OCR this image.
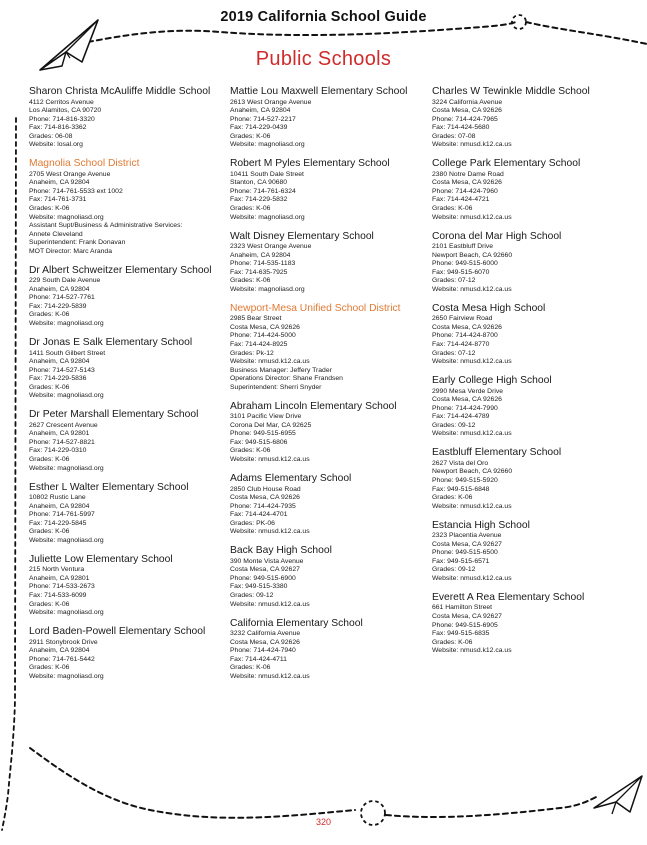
2019 California School Guide
Public Schools
Sharon Christa McAuliffe Middle School
4112 Cerritos Avenue
Los Alamitos, CA 90720
Phone: 714-816-3320
Fax: 714-816-3362
Grades: 06-08
Website: losal.org
Magnolia School District
2705 West Orange Avenue
Anaheim, CA 92804
Phone: 714-761-5533 ext 1002
Fax: 714-761-3731
Grades: K-06
Website: magnoliasd.org
Assistant Supt/Business & Administrative Services:
Annete Cleveland
Superintendent: Frank Donavan
MOT Director: Marc Aranda
Dr Albert Schweitzer Elementary School
229 South Dale Avenue
Anaheim, CA 92804
Phone: 714-527-7761
Fax: 714-229-5839
Grades: K-06
Website: magnoliasd.org
Dr Jonas E Salk Elementary School
1411 South Gilbert Street
Anaheim, CA 92804
Phone: 714-527-5143
Fax: 714-229-5836
Grades: K-06
Website: magnoliasd.org
Dr Peter Marshall Elementary School
2627 Crescent Avenue
Anaheim, CA 92801
Phone: 714-527-8821
Fax: 714-229-0310
Grades: K-06
Website: magnoliasd.org
Esther L Walter Elementary School
10802 Rustic Lane
Anaheim, CA 92804
Phone: 714-761-5997
Fax: 714-229-5845
Grades: K-06
Website: magnoliasd.org
Juliette Low Elementary School
215 North Ventura
Anaheim, CA 92801
Phone: 714-533-2673
Fax: 714-533-6099
Grades: K-06
Website: magnoliasd.org
Lord Baden-Powell Elementary School
2911 Stonybrook Drive
Anaheim, CA 92804
Phone: 714-761-5442
Grades: K-06
Website: magnoliasd.org
Mattie Lou Maxwell Elementary School
2613 West Orange Avenue
Anaheim, CA 92804
Phone: 714-527-2217
Fax: 714-229-0439
Grades: K-06
Website: magnoliasd.org
Robert M Pyles Elementary School
10411 South Dale Street
Stanton, CA 90680
Phone: 714-761-6324
Fax: 714-229-5832
Grades: K-06
Website: magnoliasd.org
Walt Disney Elementary School
2323 West Orange Avenue
Anaheim, CA 92804
Phone: 714-535-1183
Fax: 714-635-7925
Grades: K-06
Website: magnoliasd.org
Newport-Mesa Unified School District
2985 Bear Street
Costa Mesa, CA 92626
Phone: 714-424-5000
Fax: 714-424-8925
Grades: Pk-12
Website: nmusd.k12.ca.us
Business Manager: Jeffery Trader
Operations Director: Shane Frandsen
Superintendent: Sherri Snyder
Abraham Lincoln Elementary School
3101 Pacific View Drive
Corona Del Mar, CA 92625
Phone: 949-515-6955
Fax: 949-515-6806
Grades: K-06
Website: nmusd.k12.ca.us
Adams Elementary School
2850 Club House Road
Costa Mesa, CA 92626
Phone: 714-424-7935
Fax: 714-424-4701
Grades: PK-06
Website: nmusd.k12.ca.us
Back Bay High School
390 Monte Vista Avenue
Costa Mesa, CA 92627
Phone: 949-515-6900
Fax: 949-515-3380
Grades: 09-12
Website: nmusd.k12.ca.us
California Elementary School
3232 California Avenue
Costa Mesa, CA 92626
Phone: 714-424-7940
Fax: 714-424-4711
Grades: K-06
Website: nmusd.k12.ca.us
Charles W Tewinkle Middle School
3224 California Avenue
Costa Mesa, CA 92626
Phone: 714-424-7965
Fax: 714-424-5680
Grades: 07-08
Website: nmusd.k12.ca.us
College Park Elementary School
2380 Notre Dame Road
Costa Mesa, CA 92626
Phone: 714-424-7960
Fax: 714-424-4721
Grades: K-06
Website: nmusd.k12.ca.us
Corona del Mar High School
2101 Eastbluff Drive
Newport Beach, CA 92660
Phone: 949-515-6000
Fax: 949-515-6070
Grades: 07-12
Website: nmusd.k12.ca.us
Costa Mesa High School
2650 Fairview Road
Costa Mesa, CA 92626
Phone: 714-424-8700
Fax: 714-424-8770
Grades: 07-12
Website: nmusd.k12.ca.us
Early College High School
2990 Mesa Verde Drive
Costa Mesa, CA 92626
Phone: 714-424-7990
Fax: 714-424-4789
Grades: 09-12
Website: nmusd.k12.ca.us
Eastbluff Elementary School
2627 Vista del Oro
Newport Beach, CA 92660
Phone: 949-515-5920
Fax: 949-515-6848
Grades: K-06
Website: nmusd.k12.ca.us
Estancia High School
2323 Placentia Avenue
Costa Mesa, CA 92627
Phone: 949-515-6500
Fax: 949-515-6571
Grades: 09-12
Website: nmusd.k12.ca.us
Everett A Rea Elementary School
661 Hamilton Street
Costa Mesa, CA 92627
Phone: 949-515-6905
Fax: 949-515-6835
Grades: K-06
Website: nmusd.k12.ca.us
320
